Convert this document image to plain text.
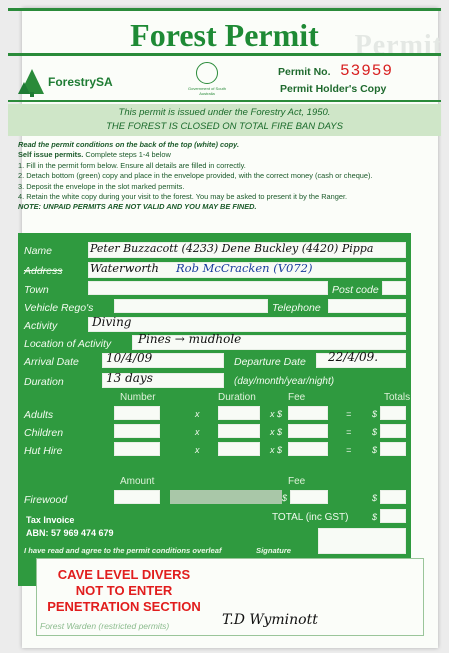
Permit
Forest Permit
ForestrySA	Government of South Australia
Permit No. 53959
Permit Holder's Copy
This permit is issued under the Forestry Act, 1950.
THE FOREST IS CLOSED ON TOTAL FIRE BAN DAYS
Read the permit conditions on the back of the top (white) copy.
Self issue permits. Complete steps 1-4 below
1. Fill in the permit form below. Ensure all details are filled in correctly.
2. Detach bottom (green) copy and place in the envelope provided, with the correct money (cash or cheque).
3. Deposit the envelope in the slot marked permits.
4. Retain the white copy during your visit to the forest. You may be asked to present it by the Ranger.
NOTE: UNPAID PERMITS ARE NOT VALID AND YOU MAY BE FINED.
Name	Peter Buzzacott (4233) Dene Buckley (4420) Pippa
Address Waterworth Rob McCracken (V072)
Town	Post code
Vehicle Rego's	Telephone
Activity	Diving
Location of Activity Pines → mudhole
Arrival Date 10/4/09	Departure Date 22/4/09.
Duration	13 days	(day/month/year/night)
Number	Duration	Fee	Totals
Adults	x	x $	= $
Children	x	x $	= $
Hut Hire	x	x $	= $
Amount	Fee
Firewood	$	$
TOTAL (inc GST)	$
Tax Invoice
ABN: 57 969 474 679
I have read and agree to the permit conditions overleaf	Signature
CAVE LEVEL DIVERS
NOT TO ENTER
PENETRATION SECTION
Forest Warden (restricted permits)	T.D Wyminott
